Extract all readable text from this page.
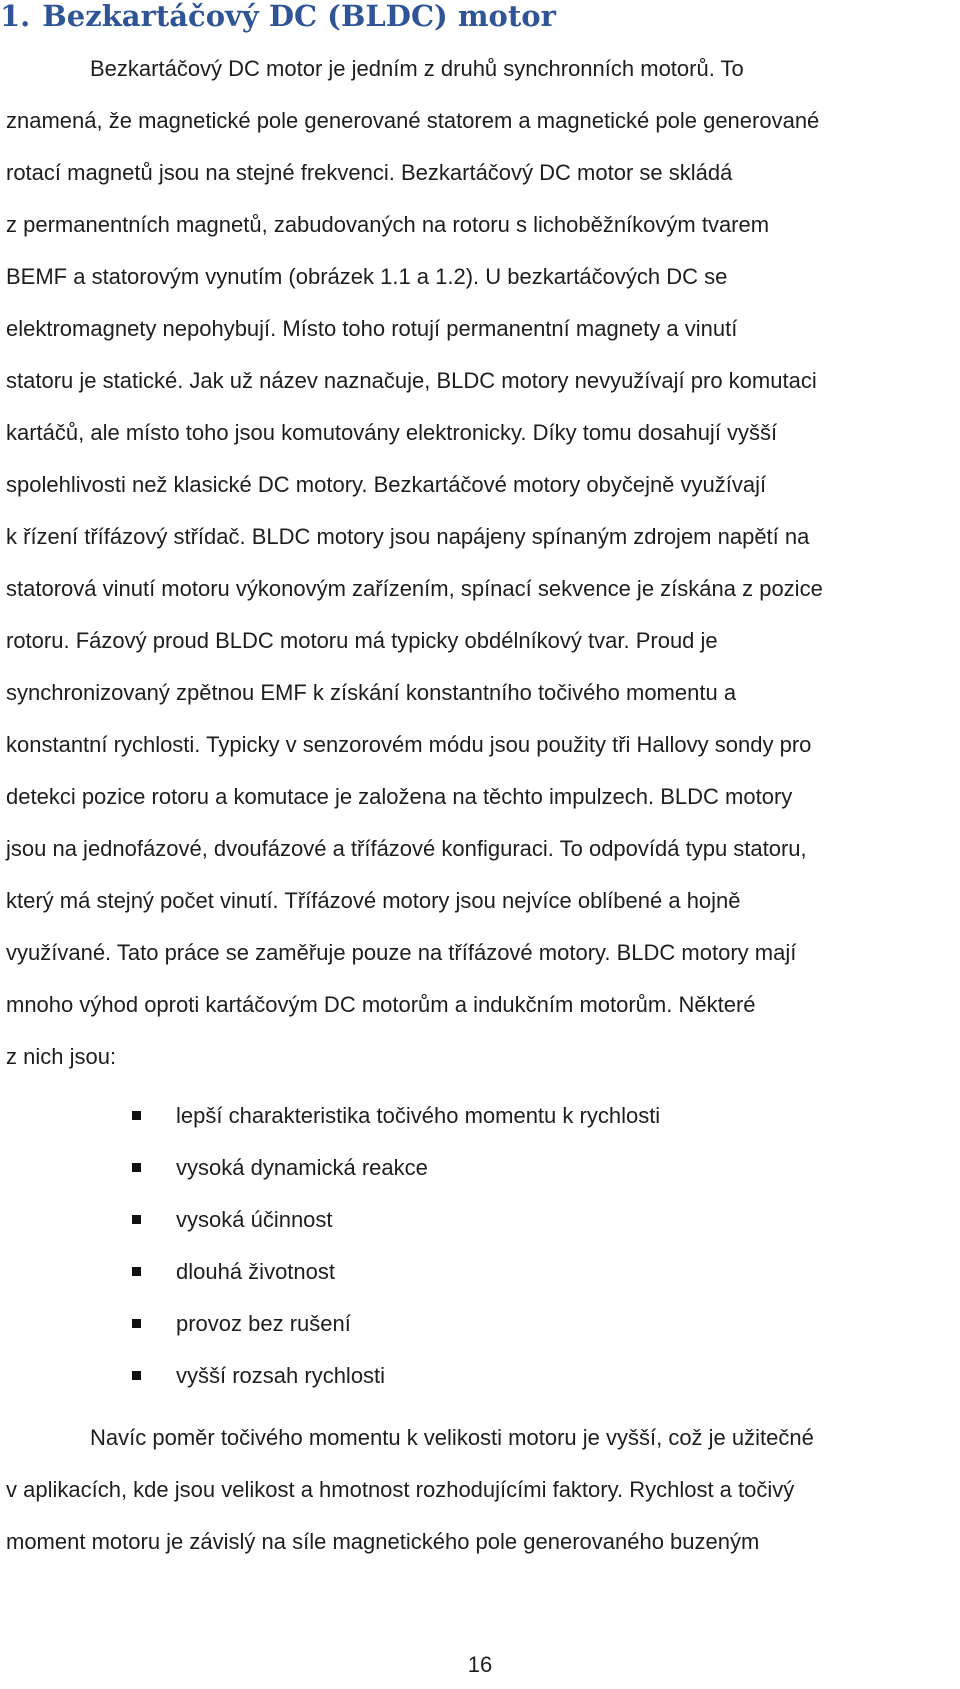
1. Bezkartáčový DC (BLDC) motor

Bezkartáčový DC motor je jedním z druhů synchronních motorů. To
znamená, že magnetické pole generované statorem a magnetické pole generované
rotací magnetů jsou na stejné frekvenci. Bezkartáčový DC motor se skládá
z permanentních magnetů, zabudovaných na rotoru s lichoběžníkovým tvarem
BEMF a statorovým vynutím (obrázek 1.1 a 1.2). U bezkartáčových DC se
elektromagnety nepohybují. Místo toho rotují permanentní magnety a vinutí
statoru je statické. Jak už název naznačuje, BLDC motory nevyužívají pro komutaci
kartáčů, ale místo toho jsou komutovány elektronicky. Díky tomu dosahují vyšší
spolehlivosti než klasické DC motory. Bezkartáčové motory obyčejně využívají
k řízení třífázový střídač. BLDC motory jsou napájeny spínaným zdrojem napětí na
statorová vinutí motoru výkonovým zařízením, spínací sekvence je získána z pozice
rotoru. Fázový proud BLDC motoru má typicky obdélníkový tvar. Proud je
synchronizovaný zpětnou EMF k získání konstantního točivého momentu a
konstantní rychlosti. Typicky v senzorovém módu jsou použity tři Hallovy sondy pro
detekci pozice rotoru a komutace je založena na těchto impulzech. BLDC motory
jsou na jednofázové, dvoufázové a třífázové konfiguraci. To odpovídá typu statoru,
který má stejný počet vinutí. Třífázové motory jsou nejvíce oblíbené a hojně
využívané. Tato práce se zaměřuje pouze na třífázové motory. BLDC motory mají
mnoho výhod oproti kartáčovým DC motorům a indukčním motorům. Některé
z nich jsou:

lepší charakteristika točivého momentu k rychlosti
vysoká dynamická reakce
vysoká účinnost
dlouhá životnost
provoz bez rušení
vyšší rozsah rychlosti

Navíc poměr točivého momentu k velikosti motoru je vyšší, což je užitečné
v aplikacích, kde jsou velikost a hmotnost rozhodujícími faktory. Rychlost a točivý
moment motoru je závislý na síle magnetického pole generovaného buzeným

16
